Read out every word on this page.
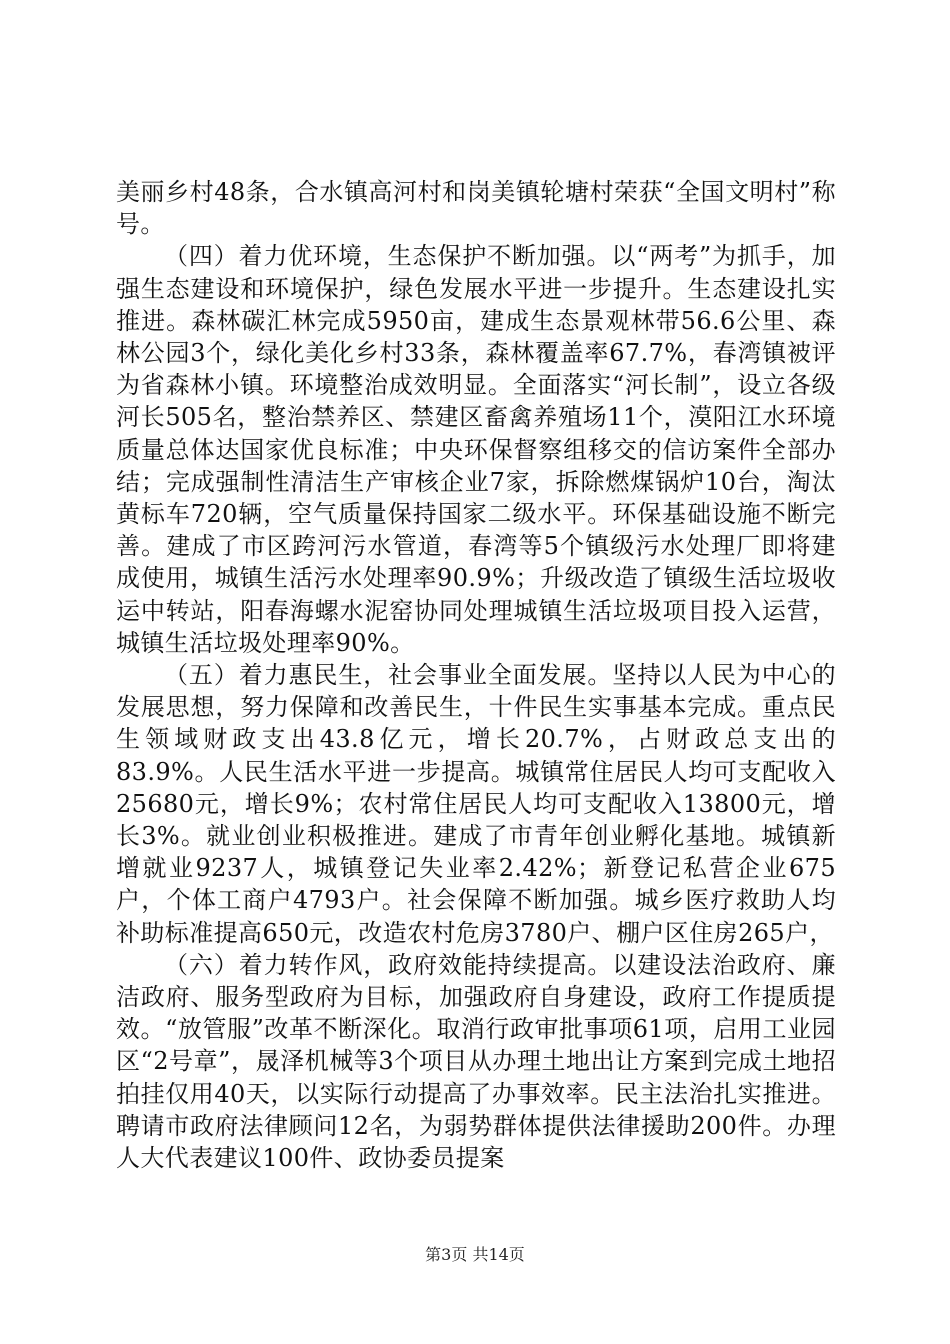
美丽乡村48条，合水镇高河村和岗美镇轮塘村荣获“全国文明村”称号。

（四）着力优环境，生态保护不断加强。以“两考”为抓手，加强生态建设和环境保护，绿色发展水平进一步提升。生态建设扎实推进。森林碳汇林完成5950亩，建成生态景观林带56.6公里、森林公园3个，绿化美化乡村33条，森林覆盖率67.7%，春湾镇被评为省森林小镇。环境整治成效明显。全面落实“河长制”，设立各级河长505名，整治禁养区、禁建区畜禽养殖场11个，漠阳江水环境质量总体达国家优良标准；中央环保督察组移交的信访案件全部办结；完成强制性清洁生产审核企业7家，拆除燃煤锅炉10台，淘汰黄标车720辆，空气质量保持国家二级水平。环保基础设施不断完善。建成了市区跨河污水管道，春湾等5个镇级污水处理厂即将建成使用，城镇生活污水处理率90.9%；升级改造了镇级生活垃圾收运中转站，阳春海螺水泥窑协同处理城镇生活垃圾项目投入运营，城镇生活垃圾处理率90%。

（五）着力惠民生，社会事业全面发展。坚持以人民为中心的发展思想，努力保障和改善民生，十件民生实事基本完成。重点民生领域财政支出43.8亿元，增长20.7%，占财政总支出的83.9%。人民生活水平进一步提高。城镇常住居民人均可支配收入25680元，增长9%；农村常住居民人均可支配收入13800元，增长3%。就业创业积极推进。建成了市青年创业孵化基地。城镇新增就业9237人，城镇登记失业率2.42%；新登记私营企业675户，个体工商户4793户。社会保障不断加强。城乡医疗救助人均补助标准提高650元，改造农村危房3780户、棚户区住房265户，

（六）着力转作风，政府效能持续提高。以建设法治政府、廉洁政府、服务型政府为目标，加强政府自身建设，政府工作提质提效。“放管服”改革不断深化。取消行政审批事项61项，启用工业园区“2号章”，晟泽机械等3个项目从办理土地出让方案到完成土地招拍挂仅用40天，以实际行动提高了办事效率。民主法治扎实推进。聘请市政府法律顾问12名，为弱势群体提供法律援助200件。办理人大代表建议100件、政协委员提案

第3页 共14页
